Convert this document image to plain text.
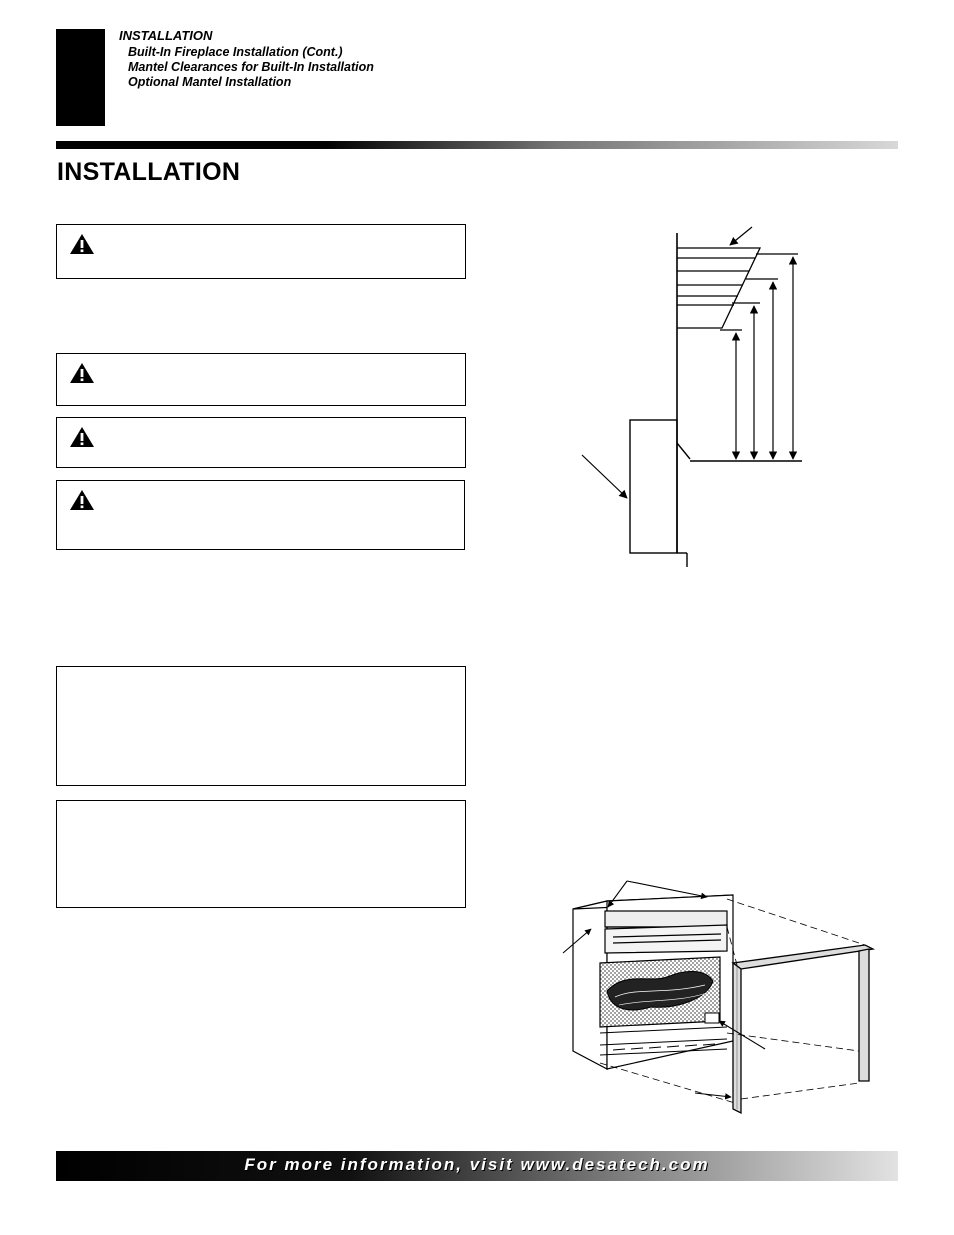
INSTALLATION
Built-In Fireplace Installation (Cont.)
Mantel Clearances for Built-In Installation
Optional Mantel Installation
INSTALLATION
For more information, visit www.desatech.com
